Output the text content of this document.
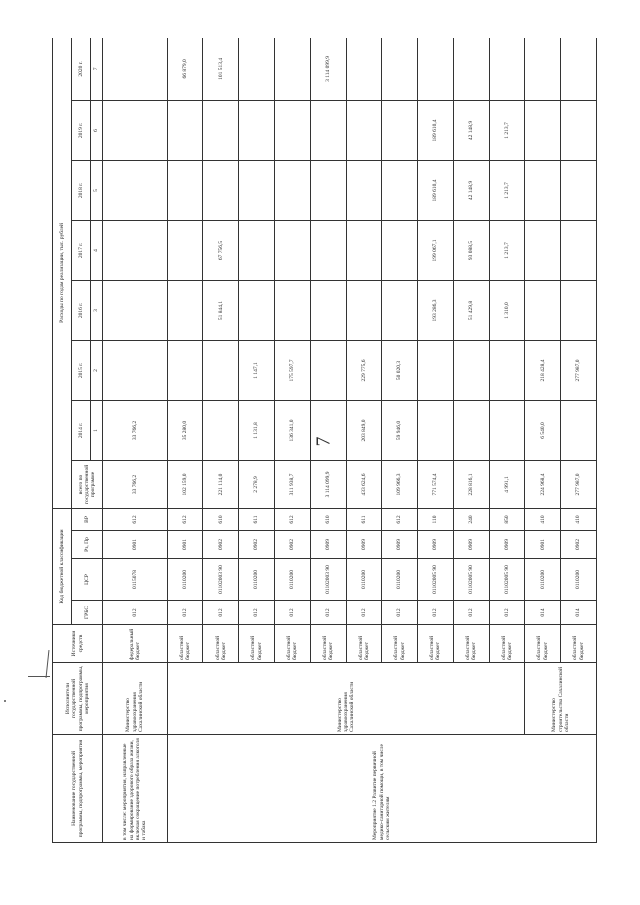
7
Наименование государственной программы, подпрограммы, мероприятия	Исполнители государственной программы, подпрограммы, мероприятия	Источники средств	Код бюджетной классификации				Расходы по годам реализации, тыс. рублей								
			ГРБС	ЦСР	Рз, Пр	ВР	всего по государственной программе	2014 г.	2015 г.	2016 г.	2017 г.	2018 г.	2019 г.	2020 г.	
								1	2	3	4	5	6	7								
в том числе: мероприятия, направленные на формирование здорового образа жизни, включая сокращение потребления алкоголя и табака	Министерство здравоохранения Сахалинской области	федеральный бюджет	012	0115078	0901	612	33 766,2	33 766,2							
Мероприятие 1.2 Развитие первичной медико-санитарной помощи, в том числе сельским жителям	Министерство здравоохранения Сахалинской области	областной бюджет	012	0110200	0901	612	102 159,0	35 280,0						66 879,0	
		областной бюджет	012	01102003 90	0902	610	221 114,0			51 844,1	67 756,5			101 513,4	
		областной бюджет	012	0110200	0902	611	2 278,9	1 131,8	1 147,1						
		областной бюджет	012	0110200	0902	612	311 938,7	136 341,0	175 597,7						
		областной бюджет	012	01102003 90	0909	610	3 114 099,9							3 114 099,9	
		областной бюджет	012	0110200	0909	611	433 624,6	203 849,0	229 775,6						
		областной бюджет	012	0110200	0909	612	109 966,3	59 946,0	50 020,3						
		областной бюджет	012	01102005 90	0909	110	771 574,4			193 286,3	199 067,1	189 610,4	189 610,4		
		областной бюджет	012	01102005 90	0909	240	228 816,1			51 429,8	93 088,5	42 148,9	42 148,9		
		областной бюджет	012	01102005 90	0909	850	4 991,1			1 310,0	1 213,7	1 213,7	1 213,7		
	Министерство строительства Сахалинской области	областной бюджет	014	0110200	0901	410	224 968,4	6 540,0	218 428,4						
		областной бюджет	014	0110200	0902	410	277 987,0		277 987,0						
